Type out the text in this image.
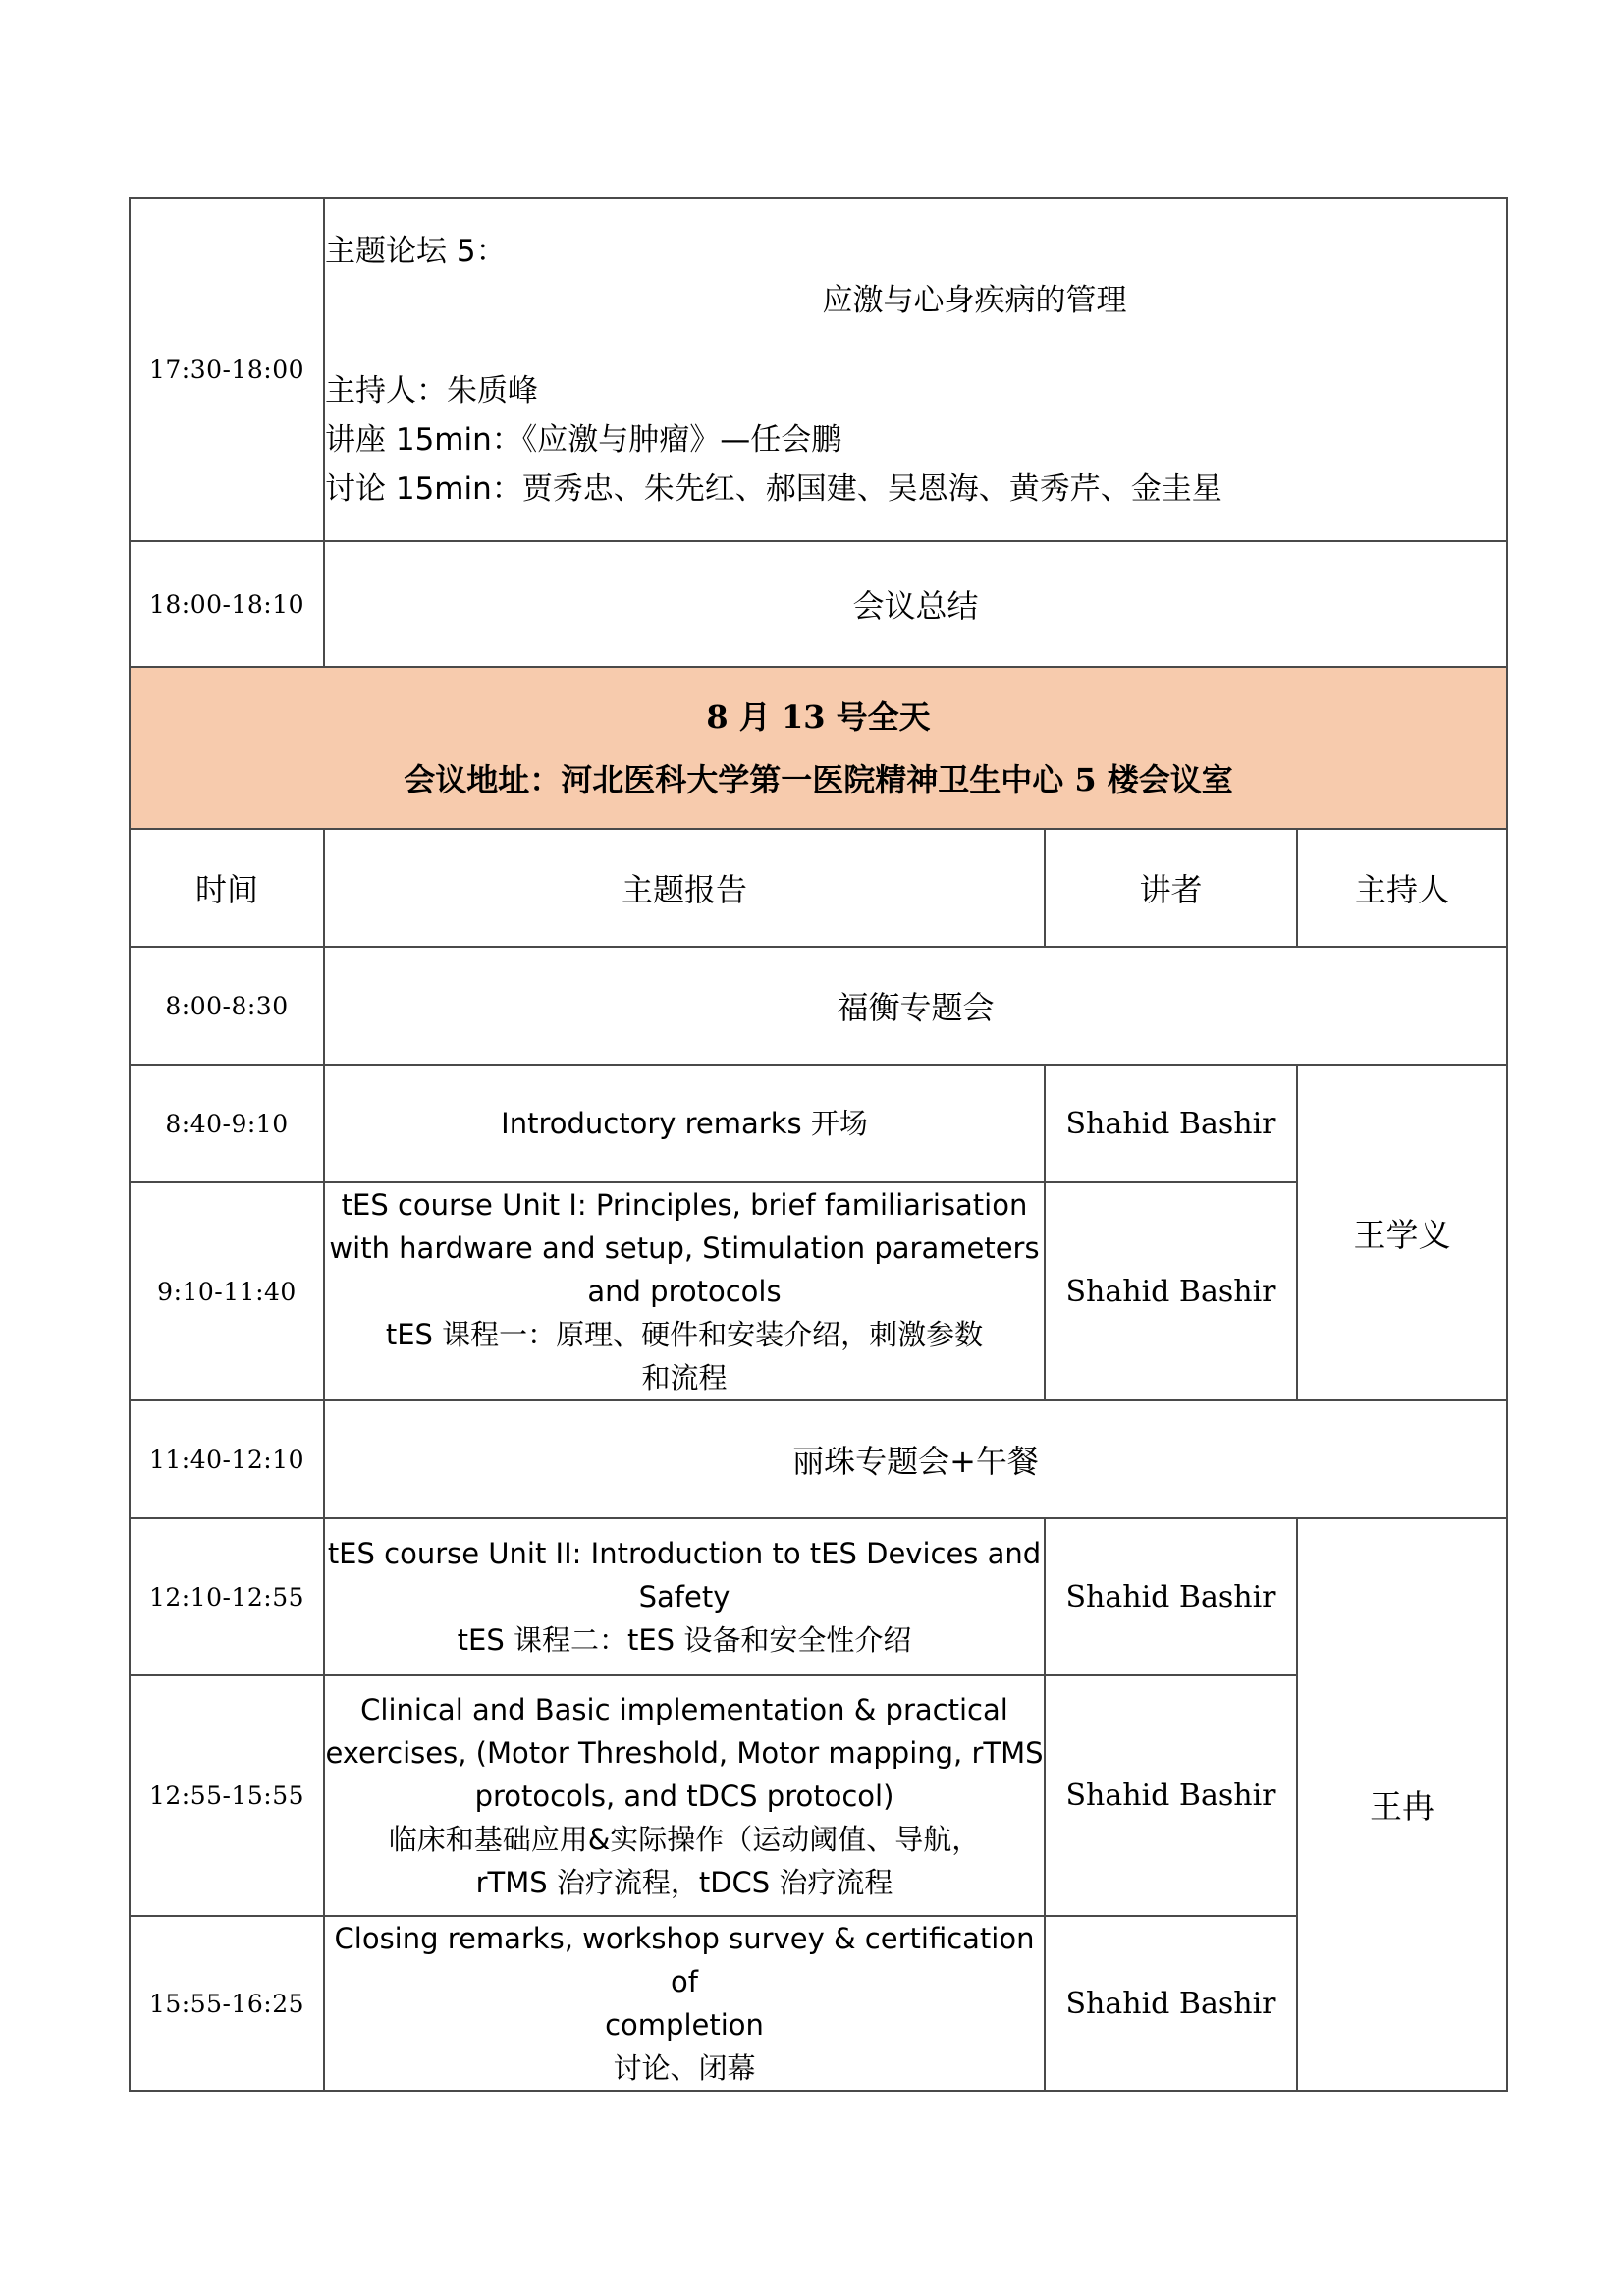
17:30-18:00	主题论坛 5：
应激与心身疾病的管理
主持人：朱质峰
讲座 15min：《应激与肿瘤》—任会鹏
讨论 15min：贾秀忠、朱先红、郝国建、吴恩海、黄秀芹、金圭星		

18:00-18:10	会议总结		

8 月 13 号全天
会议地址：河北医科大学第一医院精神卫生中心 5 楼会议室			

时间	主题报告	讲者	主持人
8:00-8:30	福衡专题会		
8:40-9:10	Introductory remarks 开场	Shahid Bashir	王学义
9:10-11:40	tES course Unit I: Principles, brief familiarisation
with hardware and setup, Stimulation parameters
and protocols
tES 课程一：原理、硬件和安装介绍，刺激参数
和流程	Shahid Bashir	
11:40-12:10	丽珠专题会+午餐		
12:10-12:55	tES course Unit II: Introduction to tES Devices and
Safety
tES 课程二：tES 设备和安全性介绍	Shahid Bashir	王冉
12:55-15:55	Clinical and Basic implementation & practical
exercises, (Motor Threshold, Motor mapping, rTMS
protocols, and tDCS protocol)
临床和基础应用&实际操作（运动阈值、导航，
rTMS 治疗流程，tDCS 治疗流程	Shahid Bashir	
15:55-16:25	Closing remarks, workshop survey & certification of
completion
讨论、闭幕	Shahid Bashir	
